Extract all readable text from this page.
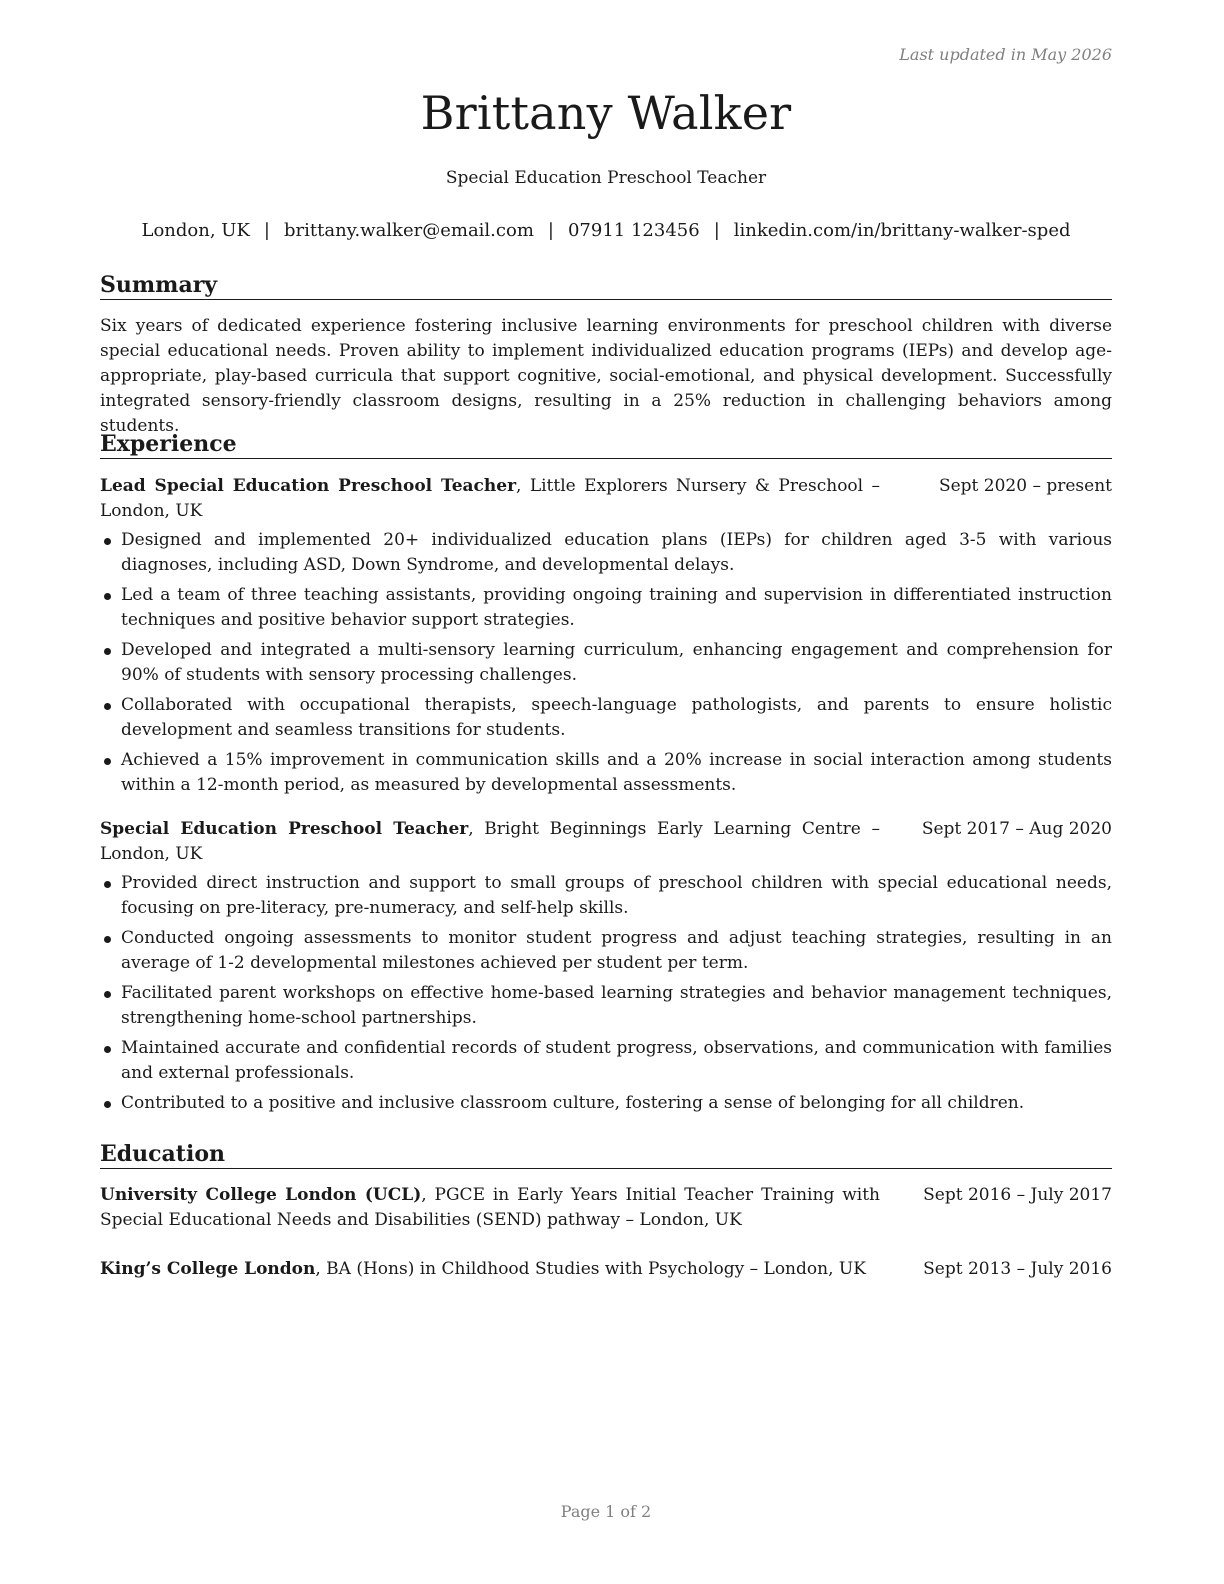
Last updated in May 2026
Brittany Walker
Special Education Preschool Teacher
London, UK | brittany.walker@email.com | 07911 123456 | linkedin.com/in/brittany-walker-sped
Summary
Six years of dedicated experience fostering inclusive learning environments for preschool children with diverse special educational needs. Proven ability to implement individualized education programs (IEPs) and develop age-appropriate, play-based curricula that support cognitive, social-emotional, and physical development. Successfully integrated sensory-friendly classroom designs, resulting in a 25% reduction in challenging behaviors among students.
Experience
Lead Special Education Preschool Teacher, Little Explorers Nursery & Preschool – London, UK
Sept 2020 – present
Designed and implemented 20+ individualized education plans (IEPs) for children aged 3-5 with various diagnoses, including ASD, Down Syndrome, and developmental delays.
Led a team of three teaching assistants, providing ongoing training and supervision in differentiated instruction techniques and positive behavior support strategies.
Developed and integrated a multi-sensory learning curriculum, enhancing engagement and comprehension for 90% of students with sensory processing challenges.
Collaborated with occupational therapists, speech-language pathologists, and parents to ensure holistic development and seamless transitions for students.
Achieved a 15% improvement in communication skills and a 20% increase in social interaction among students within a 12-month period, as measured by developmental assessments.
Special Education Preschool Teacher, Bright Beginnings Early Learning Centre – London, UK
Sept 2017 – Aug 2020
Provided direct instruction and support to small groups of preschool children with special educational needs, focusing on pre-literacy, pre-numeracy, and self-help skills.
Conducted ongoing assessments to monitor student progress and adjust teaching strategies, resulting in an average of 1-2 developmental milestones achieved per student per term.
Facilitated parent workshops on effective home-based learning strategies and behavior management techniques, strengthening home-school partnerships.
Maintained accurate and confidential records of student progress, observations, and communication with families and external professionals.
Contributed to a positive and inclusive classroom culture, fostering a sense of belonging for all children.
Education
University College London (UCL), PGCE in Early Years Initial Teacher Training with Special Educational Needs and Disabilities (SEND) pathway – London, UK
Sept 2016 – July 2017
King’s College London, BA (Hons) in Childhood Studies with Psychology – London, UK	Sept 2013 – July 2016
Page 1 of 2
